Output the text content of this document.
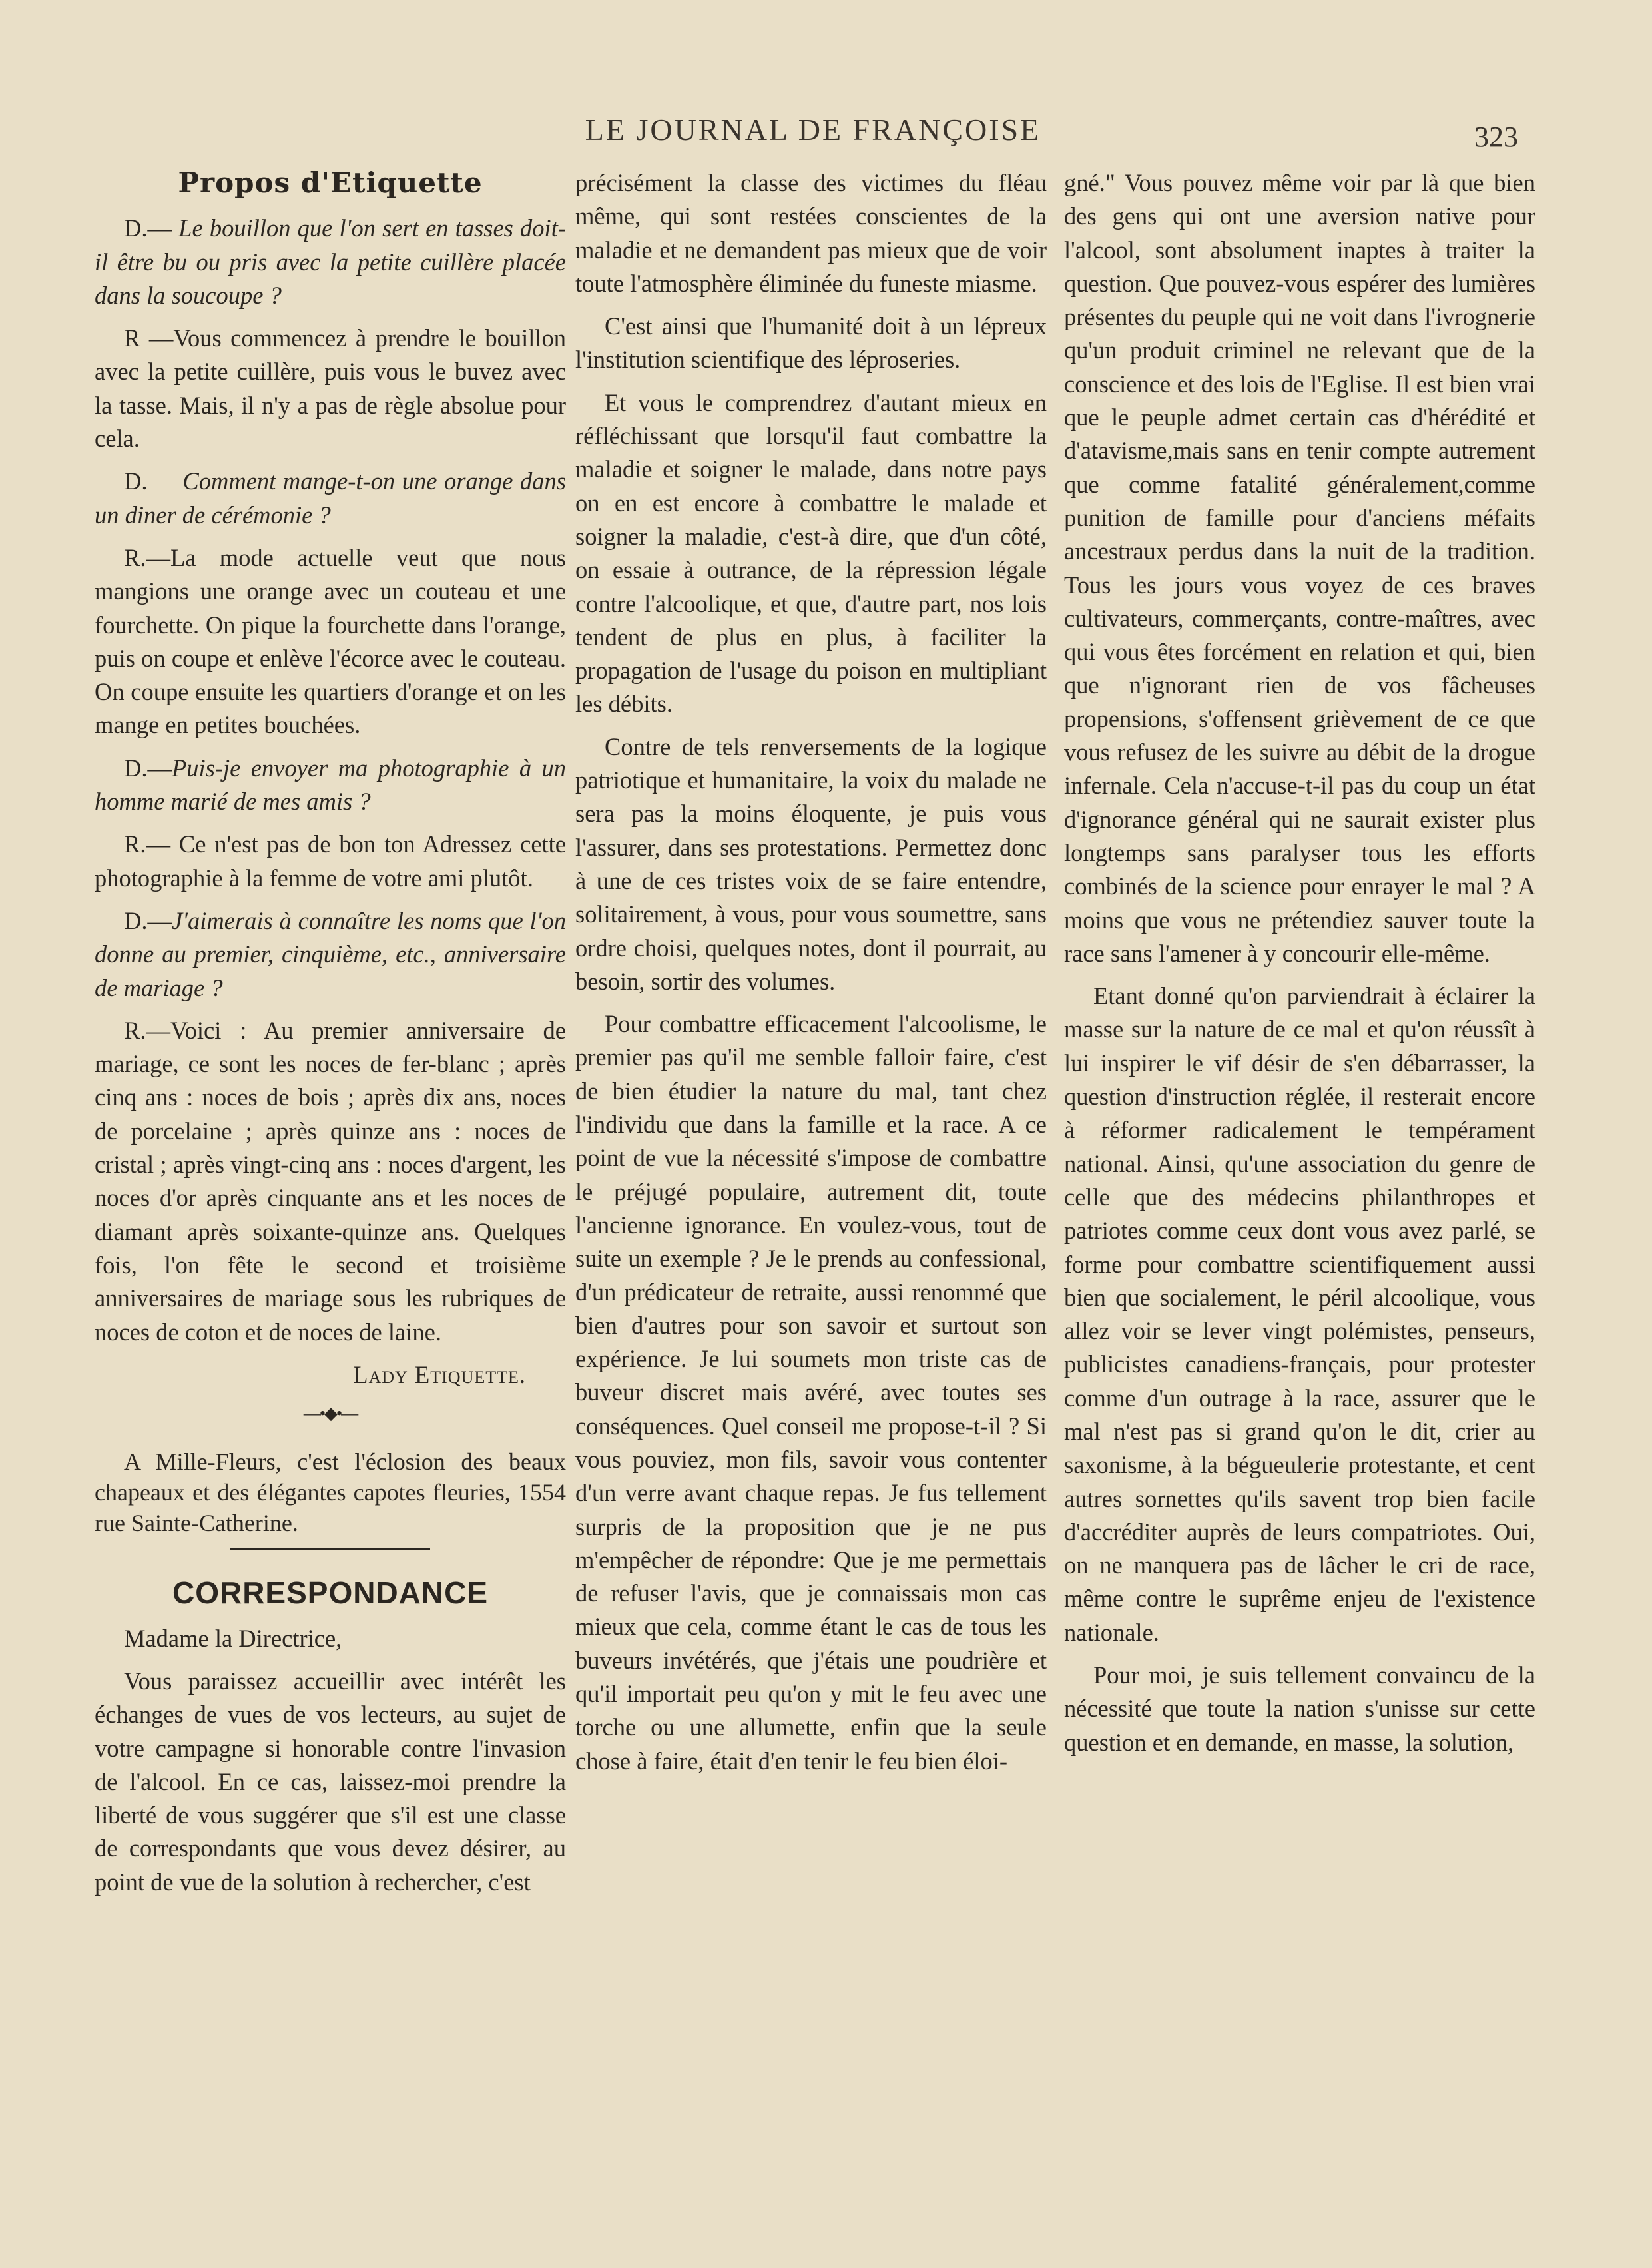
LE JOURNAL DE FRANÇOISE	323
Propos d'Etiquette

D.— Le bouillon que l'on sert en tasses doit-il être bu ou pris avec la petite cuillère placée dans la soucoupe ?

R —Vous commencez à prendre le bouillon avec la petite cuillère, puis vous le buvez avec la tasse. Mais, il n'y a pas de règle absolue pour cela.

D. Comment mange-t-on une orange dans un diner de cérémonie ?

R.—La mode actuelle veut que nous mangions une orange avec un couteau et une fourchette. On pique la fourchette dans l'orange, puis on coupe et enlève l'écorce avec le couteau. On coupe ensuite les quartiers d'orange et on les mange en petites bouchées.

D.—Puis-je envoyer ma photographie à un homme marié de mes amis ?

R.— Ce n'est pas de bon ton Adressez cette photographie à la femme de votre ami plutôt.

D.—J'aimerais à connaître les noms que l'on donne au premier, cinquième, etc., anniversaire de mariage ?

R.—Voici : Au premier anniversaire de mariage, ce sont les noces de fer-blanc ; après cinq ans : noces de bois ; après dix ans, noces de porcelaine ; après quinze ans : noces de cristal ; après vingt-cinq ans : noces d'argent, les noces d'or après cinquante ans et les noces de diamant après soixante-quinze ans. Quelques fois, l'on fête le second et troisième anniversaires de mariage sous les rubriques de noces de coton et de noces de laine.

Lady Etiquette.
—•◆•—

A Mille-Fleurs, c'est l'éclosion des beaux chapeaux et des élégantes capotes fleuries, 1554 rue Sainte-Catherine.

CORRESPONDANCE

Madame la Directrice,

Vous paraissez accueillir avec intérêt les échanges de vues de vos lecteurs, au sujet de votre campagne si honorable contre l'invasion de l'alcool. En ce cas, laissez-moi prendre la liberté de vous suggérer que s'il est une classe de correspondants que vous devez désirer, au point de vue de la solution à rechercher, c'est

précisément la classe des victimes du fléau même, qui sont restées conscientes de la maladie et ne demandent pas mieux que de voir toute l'atmosphère éliminée du funeste miasme.

C'est ainsi que l'humanité doit à un lépreux l'institution scientifique des léproseries.

Et vous le comprendrez d'autant mieux en réfléchissant que lorsqu'il faut combattre la maladie et soigner le malade, dans notre pays on en est encore à combattre le malade et soigner la maladie, c'est-à dire, que d'un côté, on essaie à outrance, de la répression légale contre l'alcoolique, et que, d'autre part, nos lois tendent de plus en plus, à faciliter la propagation de l'usage du poison en multipliant les débits.

Contre de tels renversements de la logique patriotique et humanitaire, la voix du malade ne sera pas la moins éloquente, je puis vous l'assurer, dans ses protestations. Permettez donc à une de ces tristes voix de se faire entendre, solitairement, à vous, pour vous soumettre, sans ordre choisi, quelques notes, dont il pourrait, au besoin, sortir des volumes.

Pour combattre efficacement l'alcoolisme, le premier pas qu'il me semble falloir faire, c'est de bien étudier la nature du mal, tant chez l'individu que dans la famille et la race. A ce point de vue la nécessité s'impose de combattre le préjugé populaire, autrement dit, toute l'ancienne ignorance. En voulez-vous, tout de suite un exemple ? Je le prends au confessional, d'un prédicateur de retraite, aussi renommé que bien d'autres pour son savoir et surtout son expérience. Je lui soumets mon triste cas de buveur discret mais avéré, avec toutes ses conséquences. Quel conseil me propose-t-il ? Si vous pouviez, mon fils, savoir vous contenter d'un verre avant chaque repas. Je fus tellement surpris de la proposition que je ne pus m'empêcher de répondre: Que je me permettais de refuser l'avis, que je connaissais mon cas mieux que cela, comme étant le cas de tous les buveurs invétérés, que j'étais une poudrière et qu'il importait peu qu'on y mit le feu avec une torche ou une allumette, enfin que la seule chose à faire, était d'en tenir le feu bien éloi-

gné." Vous pouvez même voir par là que bien des gens qui ont une aversion native pour l'alcool, sont absolument inaptes à traiter la question. Que pouvez-vous espérer des lumières présentes du peuple qui ne voit dans l'ivrognerie qu'un produit criminel ne relevant que de la conscience et des lois de l'Eglise. Il est bien vrai que le peuple admet certain cas d'hérédité et d'atavisme,mais sans en tenir compte autrement que comme fatalité généralement,comme punition de famille pour d'anciens méfaits ancestraux perdus dans la nuit de la tradition. Tous les jours vous voyez de ces braves cultivateurs, commerçants, contre-maîtres, avec qui vous êtes forcément en relation et qui, bien que n'ignorant rien de vos fâcheuses propensions, s'offensent grièvement de ce que vous refusez de les suivre au débit de la drogue infernale. Cela n'accuse-t-il pas du coup un état d'ignorance général qui ne saurait exister plus longtemps sans paralyser tous les efforts combinés de la science pour enrayer le mal ? A moins que vous ne prétendiez sauver toute la race sans l'amener à y concourir elle-même.

Etant donné qu'on parviendrait à éclairer la masse sur la nature de ce mal et qu'on réussît à lui inspirer le vif désir de s'en débarrasser, la question d'instruction réglée, il resterait encore à réformer radicalement le tempérament national. Ainsi, qu'une association du genre de celle que des médecins philanthropes et patriotes comme ceux dont vous avez parlé, se forme pour combattre scientifiquement aussi bien que socialement, le péril alcoolique, vous allez voir se lever vingt polémistes, penseurs, publicistes canadiens-français, pour protester comme d'un outrage à la race, assurer que le mal n'est pas si grand qu'on le dit, crier au saxonisme, à la bégueulerie protestante, et cent autres sornettes qu'ils savent trop bien facile d'accréditer auprès de leurs compatriotes. Oui, on ne manquera pas de lâcher le cri de race, même contre le suprême enjeu de l'existence nationale.

Pour moi, je suis tellement convaincu de la nécessité que toute la nation s'unisse sur cette question et en demande, en masse, la solution,
